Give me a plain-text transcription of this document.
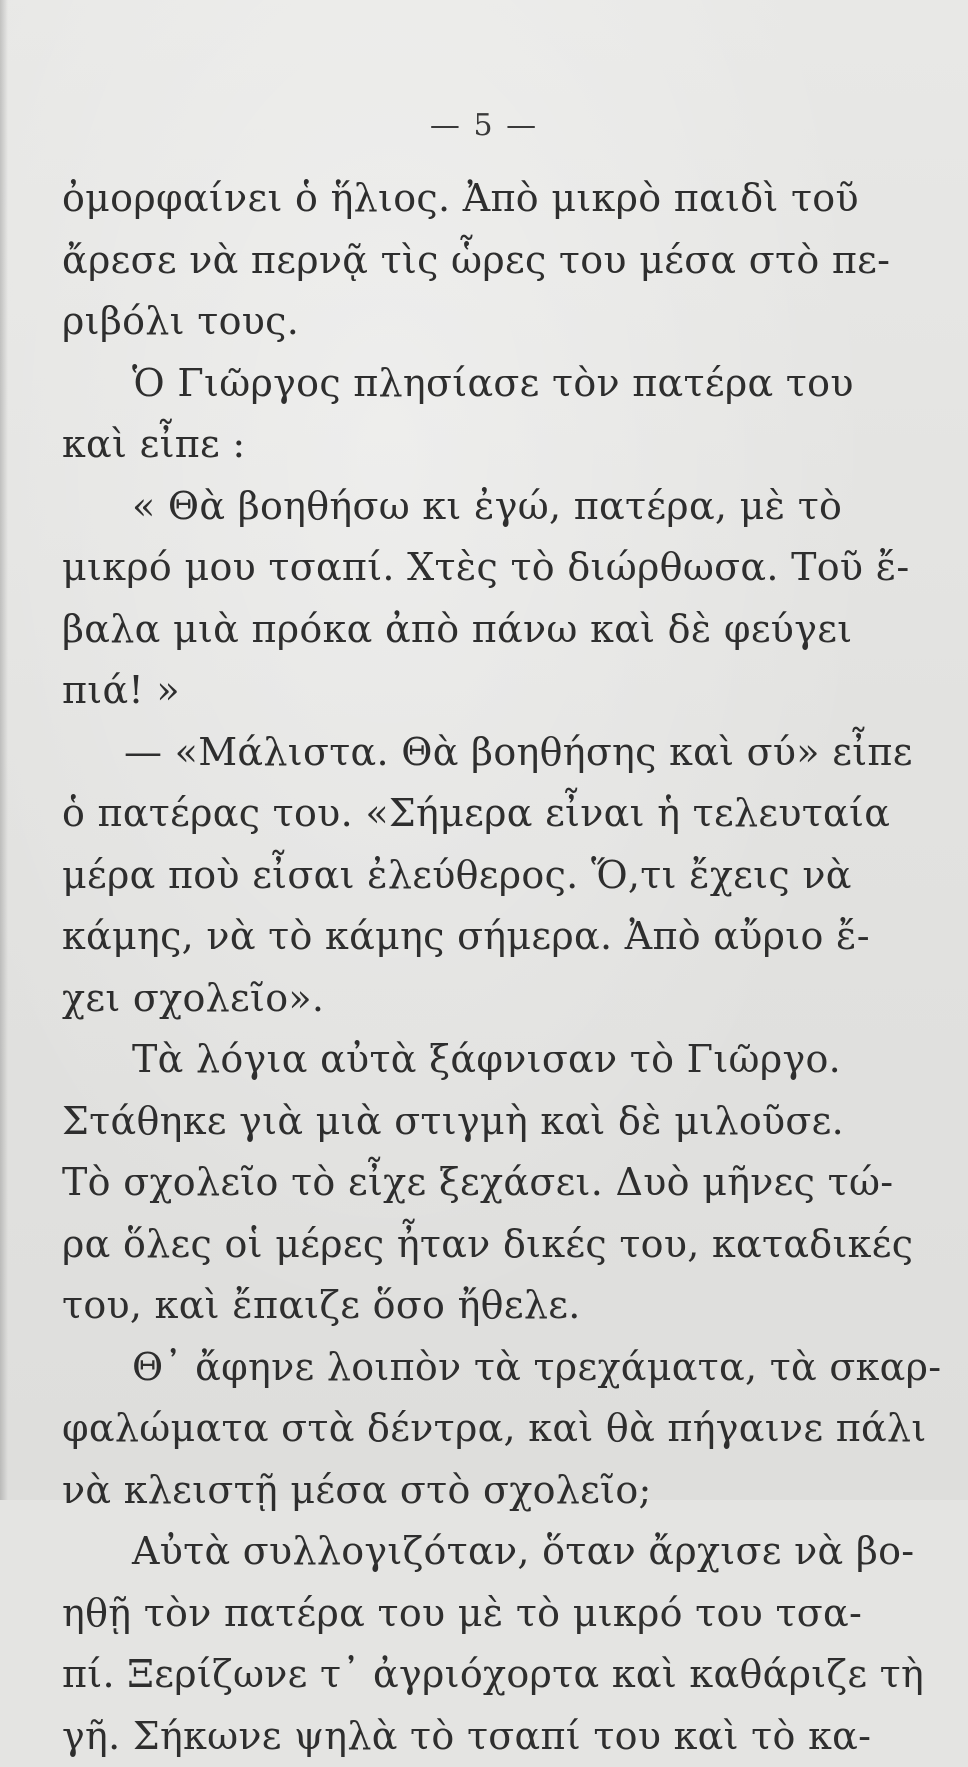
— 5 —
ὀμορφαίνει ὁ ἥλιος. Ἀπὸ μικρὸ παιδὶ τοῦ
ἄρεσε νὰ περνᾷ τὶς ὧρες του μέσα στὸ πε-
ριβόλι τους.
Ὁ Γιῶργος πλησίασε τὸν πατέρα του
καὶ εἶπε :
« Θὰ βοηθήσω κι ἐγώ, πατέρα, μὲ τὸ
μικρό μου τσαπί. Χτὲς τὸ διώρθωσα. Τοῦ ἔ-
βαλα μιὰ πρόκα ἀπὸ πάνω καὶ δὲ φεύγει
πιά! »
— «Μάλιστα. Θὰ βοηθήσης καὶ σύ» εἶπε
ὁ πατέρας του. «Σήμερα εἶναι ἡ τελευταία
μέρα ποὺ εἶσαι ἐλεύθερος. Ὅ,τι ἔχεις νὰ
κάμης, νὰ τὸ κάμης σήμερα. Ἀπὸ αὔριο ἔ-
χει σχολεῖο».
Τὰ λόγια αὐτὰ ξάφνισαν τὸ Γιῶργο.
Στάθηκε γιὰ μιὰ στιγμὴ καὶ δὲ μιλοῦσε.
Τὸ σχολεῖο τὸ εἶχε ξεχάσει. Δυὸ μῆνες τώ-
ρα ὅλες οἱ μέρες ἦταν δικές του, καταδικές
του, καὶ ἔπαιζε ὅσο ἤθελε.
Θ᾿ ἄφηνε λοιπὸν τὰ τρεχάματα, τὰ σκαρ-
φαλώματα στὰ δέντρα, καὶ θὰ πήγαινε πάλι
νὰ κλειστῇ μέσα στὸ σχολεῖο;
Αὐτὰ συλλογιζόταν, ὅταν ἄρχισε νὰ βο-
ηθῇ τὸν πατέρα του μὲ τὸ μικρό του τσα-
πί. Ξερίζωνε τ᾿ ἀγριόχορτα καὶ καθάριζε τὴ
γῆ. Σήκωνε ψηλὰ τὸ τσαπί του καὶ τὸ κα-
